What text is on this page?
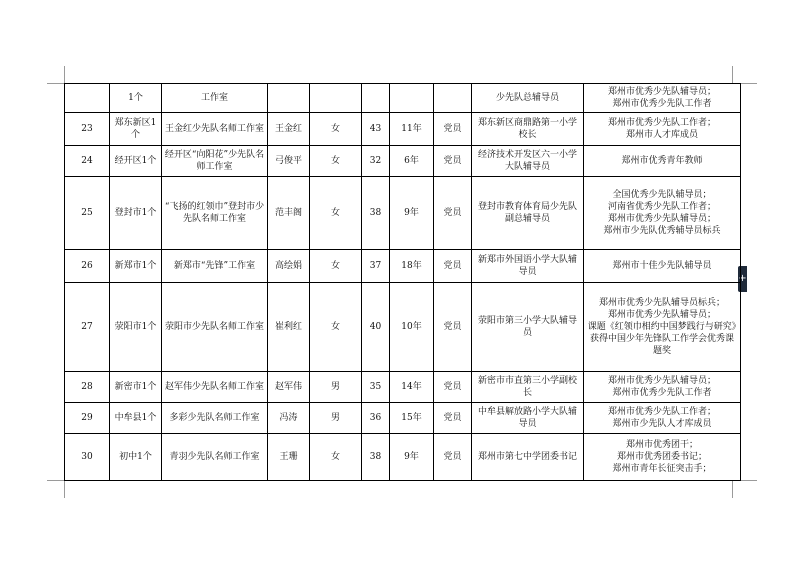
+
	1个	工作室						少先队总辅导员	郑州市优秀少先队辅导员；
郑州市优秀少先队工作者

23	郑东新区1个	王金红少先队名师工作室	王金红	女	43	11年	党员	郑东新区商鼎路第一小学校长	郑州市优秀少先队工作者；
郑州市人才库成员

24	经开区1个	经开区“向阳花”少先队名师工作室	弓俊平	女	32	6年	党员	经济技术开发区六一小学大队辅导员	郑州市优秀青年教师

25	登封市1个	“飞扬的红领巾”登封市少先队名师工作室	范丰阁	女	38	9年	党员	登封市教育体育局少先队副总辅导员	全国优秀少先队辅导员；
河南省优秀少先队工作者；
郑州市优秀少先队辅导员；
郑州市少先队优秀辅导员标兵

26	新郑市1个	新郑市“先锋”工作室	高绘娟	女	37	18年	党员	新郑市外国语小学大队辅导员	郑州市十佳少先队辅导员

27	荥阳市1个	荥阳市少先队名师工作室	崔利红	女	40	10年	党员	荥阳市第三小学大队辅导员	郑州市优秀少先队辅导员标兵；
郑州市优秀少先队辅导员；
课题《红领巾相约中国梦践行与研究》获得中国少年先锋队工作学会优秀课题奖

28	新密市1个	赵军伟少先队名师工作室	赵军伟	男	35	14年	党员	新密市市直第三小学副校长	郑州市优秀少先队辅导员；
郑州市优秀少先队工作者

29	中牟县1个	多彩少先队名师工作室	冯涛	男	36	15年	党员	中牟县解放路小学大队辅导员	郑州市优秀少先队工作者；
郑州市少先队人才库成员

30	初中1个	青羽少先队名师工作室	王珊	女	38	9年	党员	郑州市第七中学团委书记	郑州市优秀团干；
郑州市优秀团委书记；
郑州市青年长征突击手；
